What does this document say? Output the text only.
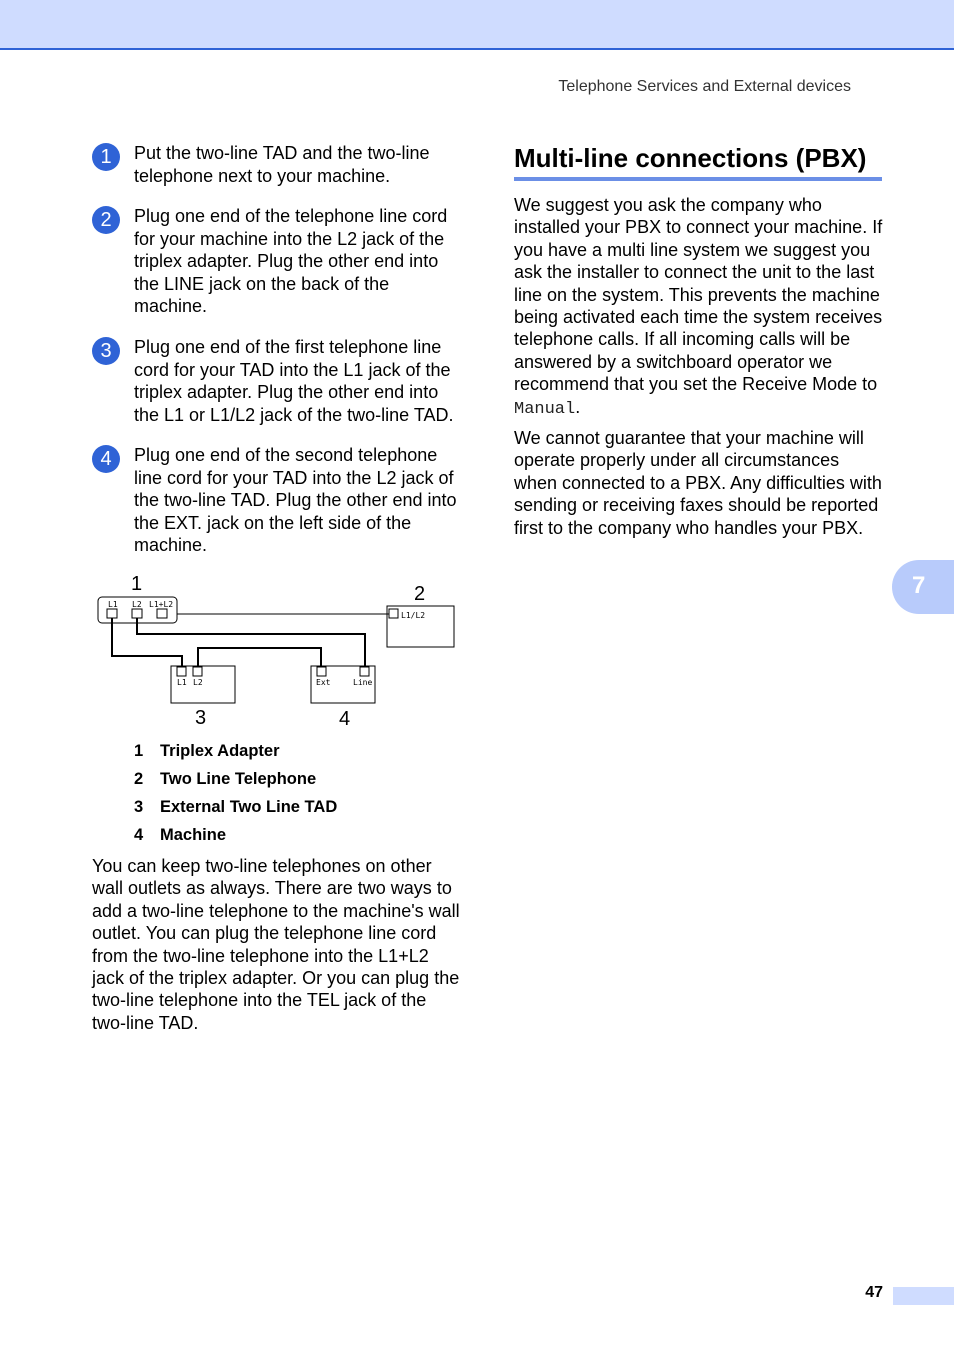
Telephone Services and External devices
1	Put the two-line TAD and the two-line telephone next to your machine.
2	Plug one end of the telephone line cord for your machine into the L2 jack of the triplex adapter. Plug the other end into the LINE jack on the back of the machine.
3	Plug one end of the first telephone line cord for your TAD into the L1 jack of the triplex adapter. Plug the other end into the L1 or L1/L2 jack of the two-line TAD.
4	Plug one end of the second telephone line cord for your TAD into the L2 jack of the two-line TAD. Plug the other end into the EXT. jack on the left side of the machine.
1	2
3	4
L1 L2 L1+L2
L1/L2
L1 L2	Ext	Line
1 Triplex Adapter
2 Two Line Telephone
3 External Two Line TAD
4 Machine
You can keep two-line telephones on other wall outlets as always. There are two ways to add a two-line telephone to the machine's wall outlet. You can plug the telephone line cord from the two-line telephone into the L1+L2 jack of the triplex adapter. Or you can plug the two-line telephone into the TEL jack of the two-line TAD.
Multi-line connections (PBX)
We suggest you ask the company who installed your PBX to connect your machine. If you have a multi line system we suggest you ask the installer to connect the unit to the last line on the system. This prevents the machine being activated each time the system receives telephone calls. If all incoming calls will be answered by a switchboard operator we recommend that you set the Receive Mode to Manual.
We cannot guarantee that your machine will operate properly under all circumstances when connected to a PBX. Any difficulties with sending or receiving faxes should be reported first to the company who handles your PBX.
7
47
